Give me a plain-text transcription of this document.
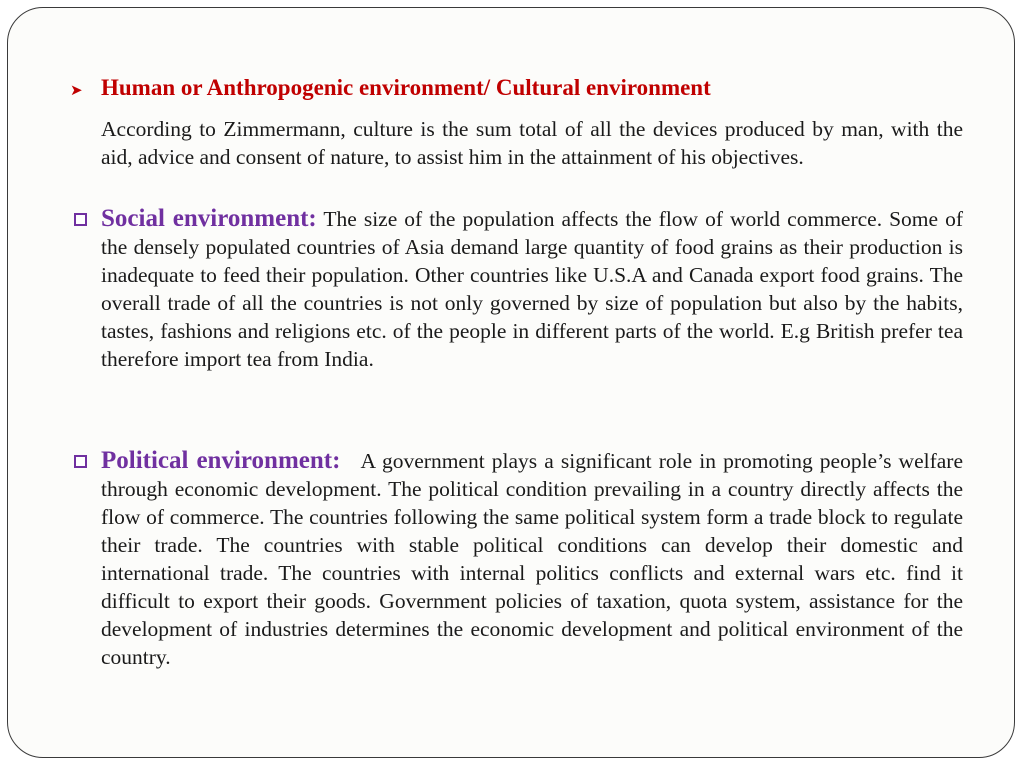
➤ Human or Anthropogenic environment/ Cultural environment
According to Zimmermann, culture is the sum total of all the devices produced by man, with the aid, advice and consent of nature, to assist him in the attainment of his objectives.
Social environment: The size of the population affects the flow of world commerce. Some of the densely populated countries of Asia demand large quantity of food grains as their production is inadequate to feed their population. Other countries like U.S.A and Canada export food grains. The overall trade of all the countries is not only governed by size of population but also by the habits, tastes, fashions and religions etc. of the people in different parts of the world. E.g British prefer tea therefore import tea from India.
Political environment: A government plays a significant role in promoting people’s welfare through economic development. The political condition prevailing in a country directly affects the flow of commerce. The countries following the same political system form a trade block to regulate their trade. The countries with stable political conditions can develop their domestic and international trade. The countries with internal politics conflicts and external wars etc. find it difficult to export their goods. Government policies of taxation, quota system, assistance for the development of industries determines the economic development and political environment of the country.
